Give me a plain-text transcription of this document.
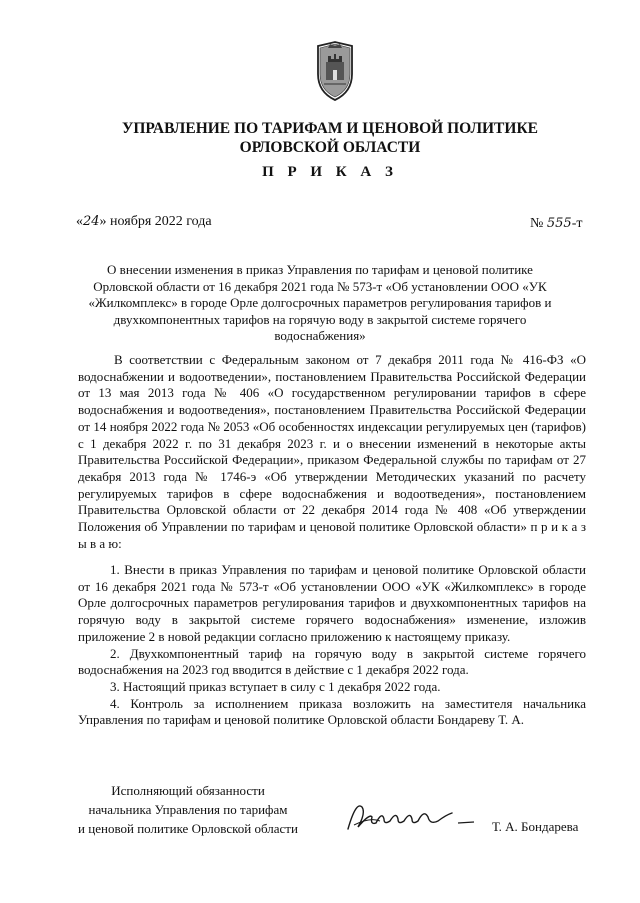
УПРАВЛЕНИЕ ПО ТАРИФАМ И ЦЕНОВОЙ ПОЛИТИКЕ
ОРЛОВСКОЙ ОБЛАСТИ
П Р И К А З
«24» ноября 2022 года	№ 555-т
О внесении изменения в приказ Управления по тарифам и ценовой политике Орловской области от 16 декабря 2021 года № 573-т «Об установлении ООО «УК «Жилкомплекс» в городе Орле долгосрочных параметров регулирования тарифов и двухкомпонентных тарифов на горячую воду в закрытой системе горячего водоснабжения»
В соответствии с Федеральным законом от 7 декабря 2011 года № 416-ФЗ «О водоснабжении и водоотведении», постановлением Правительства Российской Федерации от 13 мая 2013 года № 406 «О государственном регулировании тарифов в сфере водоснабжения и водоотведения», постановлением Правительства Российской Федерации от 14 ноября 2022 года № 2053 «Об особенностях индексации регулируемых цен (тарифов) с 1 декабря 2022 г. по 31 декабря 2023 г. и о внесении изменений в некоторые акты Правительства Российской Федерации», приказом Федеральной службы по тарифам от 27 декабря 2013 года № 1746-э «Об утверждении Методических указаний по расчету регулируемых тарифов в сфере водоснабжения и водоотведения», постановлением Правительства Орловской области от 22 декабря 2014 года № 408 «Об утверждении Положения об Управлении по тарифам и ценовой политике Орловской области» п р и к а з ы в а ю:
1. Внести в приказ Управления по тарифам и ценовой политике Орловской области от 16 декабря 2021 года № 573-т «Об установлении ООО «УК «Жилкомплекс» в городе Орле долгосрочных параметров регулирования тарифов и двухкомпонентных тарифов на горячую воду в закрытой системе горячего водоснабжения» изменение, изложив приложение 2 в новой редакции согласно приложению к настоящему приказу.
2. Двухкомпонентный тариф на горячую воду в закрытой системе горячего водоснабжения на 2023 год вводится в действие с 1 декабря 2022 года.
3. Настоящий приказ вступает в силу с 1 декабря 2022 года.
4. Контроль за исполнением приказа возложить на заместителя начальника Управления по тарифам и ценовой политике Орловской области Бондареву Т. А.
Исполняющий обязанности
начальника Управления по тарифам
и ценовой политике Орловской области	Т. А. Бондарева
